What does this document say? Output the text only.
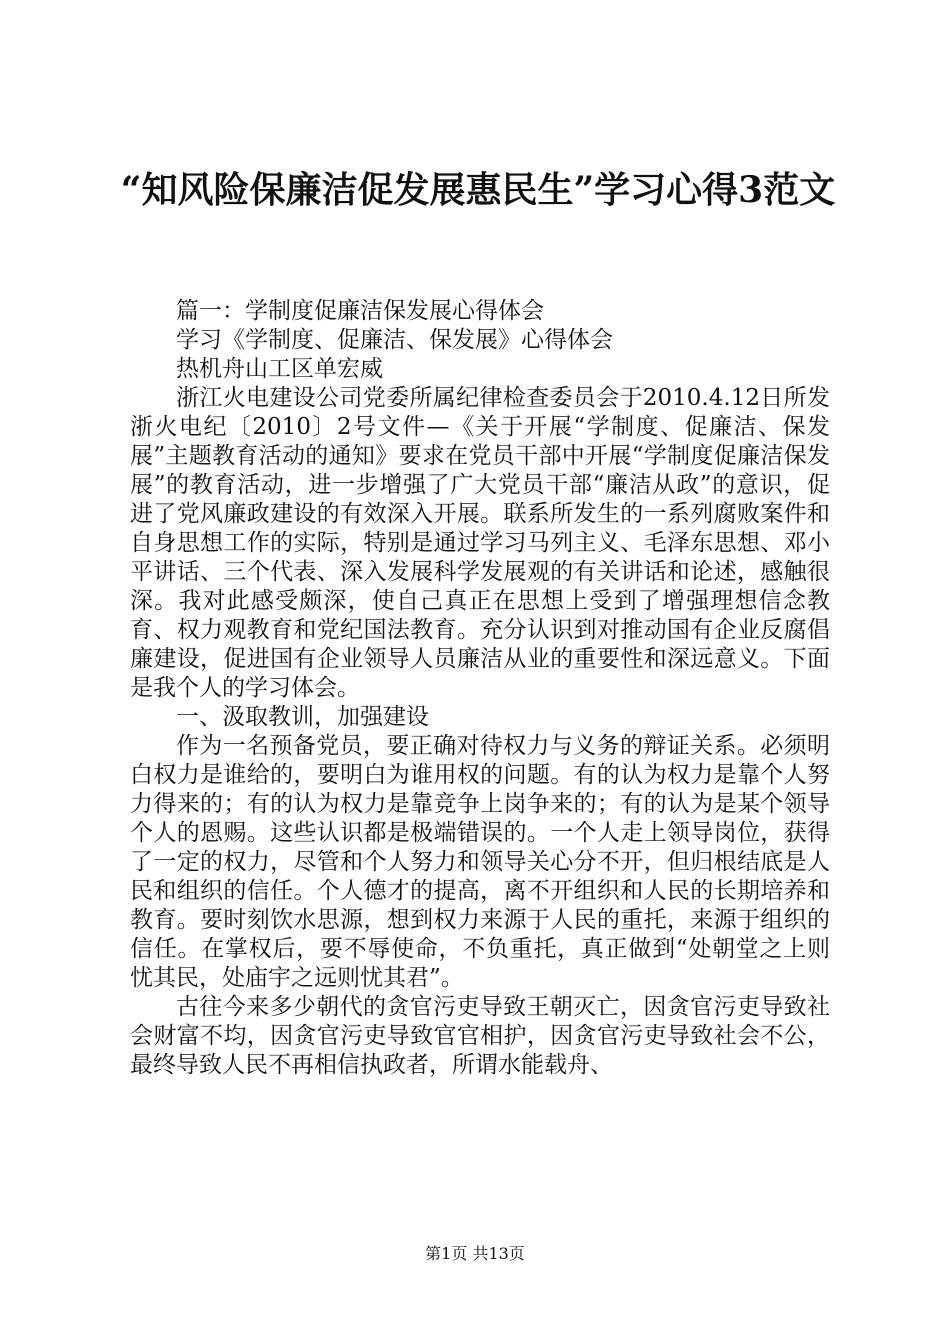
“知风险保廉洁促发展惠民生”学习心得3范文

篇一：学制度促廉洁保发展心得体会

学习《学制度、促廉洁、保发展》心得体会

热机舟山工区单宏威

浙江火电建设公司党委所属纪律检查委员会于2010.4.12日所发浙火电纪〔2010〕2号文件—《关于开展“学制度、促廉洁、保发展”主题教育活动的通知》要求在党员干部中开展“学制度促廉洁保发展”的教育活动，进一步增强了广大党员干部“廉洁从政”的意识，促进了党风廉政建设的有效深入开展。联系所发生的一系列腐败案件和自身思想工作的实际，特别是通过学习马列主义、毛泽东思想、邓小平讲话、三个代表、深入发展科学发展观的有关讲话和论述，感触很深。我对此感受颇深，使自己真正在思想上受到了增强理想信念教育、权力观教育和党纪国法教育。充分认识到对推动国有企业反腐倡廉建设，促进国有企业领导人员廉洁从业的重要性和深远意义。下面是我个人的学习体会。

一、汲取教训，加强建设

作为一名预备党员，要正确对待权力与义务的辩证关系。必须明白权力是谁给的，要明白为谁用权的问题。有的认为权力是靠个人努力得来的；有的认为权力是靠竞争上岗争来的；有的认为是某个领导个人的恩赐。这些认识都是极端错误的。一个人走上领导岗位，获得了一定的权力，尽管和个人努力和领导关心分不开，但归根结底是人民和组织的信任。个人德才的提高，离不开组织和人民的长期培养和教育。要时刻饮水思源，想到权力来源于人民的重托，来源于组织的信任。在掌权后，要不辱使命，不负重托，真正做到“处朝堂之上则忧其民，处庙宇之远则忧其君”。

古往今来多少朝代的贪官污吏导致王朝灭亡，因贪官污吏导致社会财富不均，因贪官污吏导致官官相护，因贪官污吏导致社会不公，最终导致人民不再相信执政者，所谓水能载舟、

第1页 共13页
